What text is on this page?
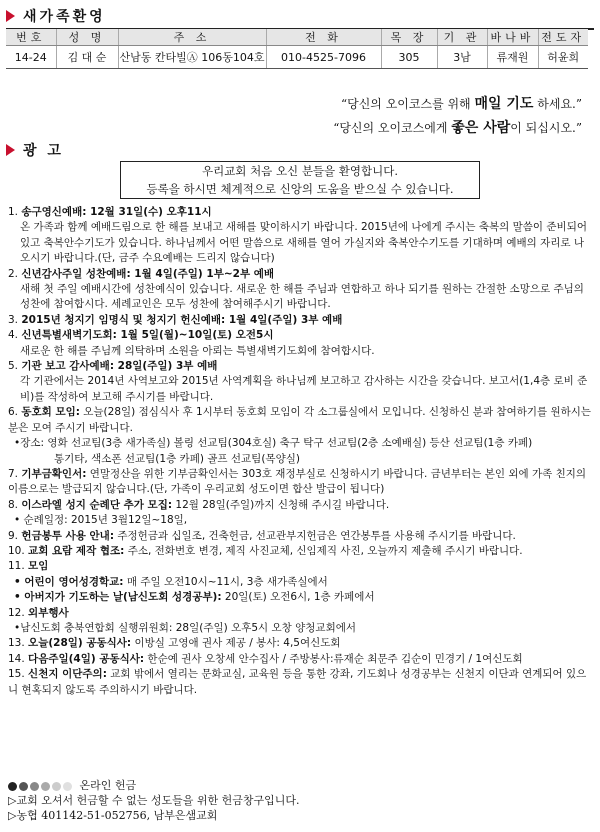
새가족환영
번호	성 명	주 소	전 화	목 장	기 관	바나바	전도자
14-24	김 대 순	산남동 칸타빌Ⓐ 106동104호	010-4525-7096	305	3남	류재원	허윤희
“당신의 오이코스를 위해 매일 기도 하세요.”
“당신의 오이코스에게 좋은 사람이 되십시오.”
광 고
우리교회 처음 오신 분들을 환영합니다.
등록을 하시면 체계적으로 신앙의 도움을 받으실 수 있습니다.
1. 송구영신예배: 12월 31일(수) 오후11시
온 가족과 함께 예배드림으로 한 해를 보내고 새해를 맞이하시기 바랍니다. 2015년에 나에게 주시는 축복의 말씀이 준비되어 있고 축복안수기도가 있습니다. 하나님께서 어떤 말씀으로 새해를 열어 가실지와 축복안수기도를 기대하며 예배의 자리로 나오시기 바랍니다.(단, 금주 수요예배는 드리지 않습니다)
2. 신년감사주일 성찬예배: 1월 4일(주일) 1부~2부 예배
새해 첫 주일 예배시간에 성찬예식이 있습니다. 새로운 한 해를 주님과 연합하고 하나 되기를 원하는 간절한 소망으로 주님의 성찬에 참여합시다. 세례교인은 모두 성찬에 참여해주시기 바랍니다.
3. 2015년 청지기 임명식 및 청지기 헌신예배: 1월 4일(주일) 3부 예배
4. 신년특별새벽기도회: 1월 5일(월)~10일(토) 오전5시
새로운 한 해를 주님께 의탁하며 소원을 아뢰는 특별새벽기도회에 참여합시다.
5. 기관 보고 감사예배: 28일(주일) 3부 예배
각 기관에서는 2014년 사역보고와 2015년 사역계획을 하나님께 보고하고 감사하는 시간을 갖습니다. 보고서(1,4층 로비 준비)를 작성하여 보고해 주시기를 바랍니다.
6. 동호회 모임: 오늘(28일) 점심식사 후 1시부터 동호회 모임이 각 소그룹실에서 모입니다. 신청하신 분과 참여하기를 원하시는 분은 모여 주시기 바랍니다.
•장소: 영화 선교팀(3층 새가족실) 볼링 선교팀(304호실) 축구 탁구 선교팀(2층 소예배실) 등산 선교팀(1층 카페)
통기타, 색소폰 선교팀(1층 카페) 골프 선교팀(목양실)
7. 기부금확인서: 연말정산을 위한 기부금확인서는 303호 재정부실로 신청하시기 바랍니다. 금년부터는 본인 외에 가족 친지의 이름으로는 발급되지 않습니다.(단, 가족이 우리교회 성도이면 합산 발급이 됩니다)
8. 이스라엘 성지 순례단 추가 모집: 12월 28일(주일)까지 신청해 주시길 바랍니다.
• 순례일정: 2015년 3월12일~18일,
9. 헌금봉투 사용 안내: 주정헌금과 십일조, 건축헌금, 선교관부지헌금은 연간봉투를 사용해 주시기를 바랍니다.
10. 교회 요람 제작 협조: 주소, 전화번호 변경, 제직 사진교체, 신임제직 사진, 오늘까지 제출해 주시기 바랍니다.
11. 모임
• 어린이 영어성경학교: 매 주일 오전10시~11시, 3층 새가족실에서
• 아버지가 기도하는 날(남신도회 성경공부): 20일(토) 오전6시, 1층 카페에서
12. 외부행사
•남신도회 충북연합회 실행위원회: 28일(주일) 오후5시 오창 양청교회에서
13. 오늘(28일) 공동식사: 이방실 고영애 권사 제공 / 봉사: 4,5여신도회
14. 다음주일(4일) 공동식사: 한순예 권사 오창세 안수집사 / 주방봉사:류재순 최문주 김순이 민경기 / 1여신도회
15. 신천지 이단주의: 교회 밖에서 열리는 문화교실, 교육원 등을 통한 강좌, 기도회나 성경공부는 신천지 이단과 연계되어 있으니 현혹되지 않도록 주의하시기 바랍니다.
온라인 헌금
▷교회 오셔서 헌금할 수 없는 성도들을 위한 헌금창구입니다.
▷농협 401142-51-052756, 남부은샘교회
